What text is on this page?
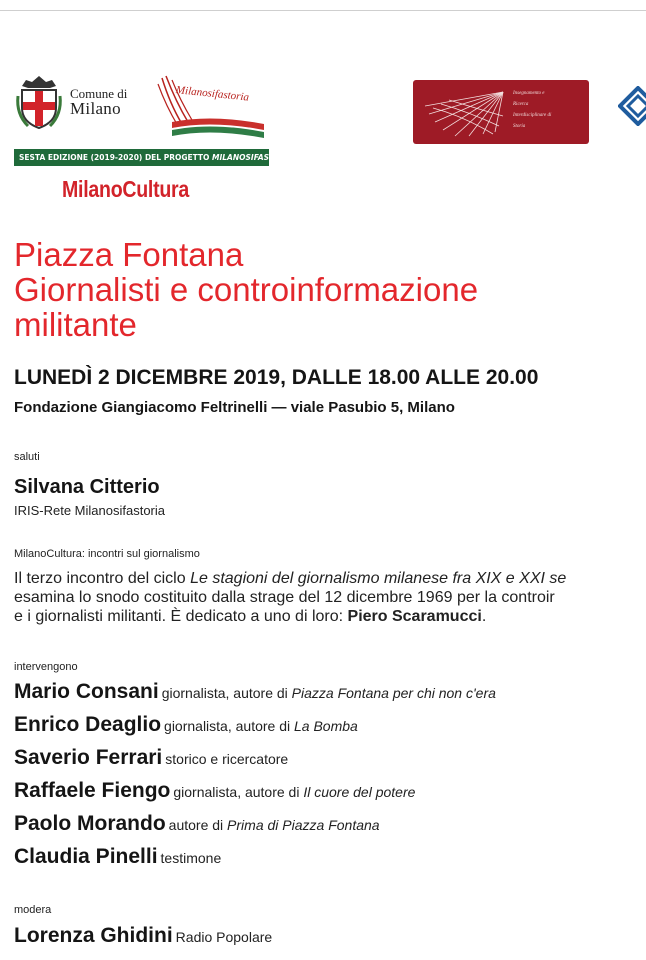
Comune di
Milano
Milanosifastoria	Insegnamento e
Ricerca
Interdisciplinare di
Storia
SESTA EDIZIONE (2019-2020) DEL PROGETTO MILANOSIFASTORIA
MilanoCultura
Piazza Fontana
Giornalisti e controinformazione
militante
LUNEDÌ 2 DICEMBRE 2019, DALLE 18.00 ALLE 20.00
Fondazione Giangiacomo Feltrinelli — viale Pasubio 5, Milano
saluti
Silvana Citterio
IRIS-Rete Milanosifastoria
MilanoCultura: incontri sul giornalismo
Il terzo incontro del ciclo Le stagioni del giornalismo milanese fra XIX e XXI se
esamina lo snodo costituito dalla strage del 12 dicembre 1969 per la controir
e i giornalisti militanti. È dedicato a uno di loro: Piero Scaramucci.
intervengono
Mario Consani giornalista, autore di Piazza Fontana per chi non c'era
Enrico Deaglio giornalista, autore di La Bomba
Saverio Ferrari storico e ricercatore
Raffaele Fiengo giornalista, autore di Il cuore del potere
Paolo Morando autore di Prima di Piazza Fontana
Claudia Pinelli testimone
modera
Lorenza Ghidini Radio Popolare
